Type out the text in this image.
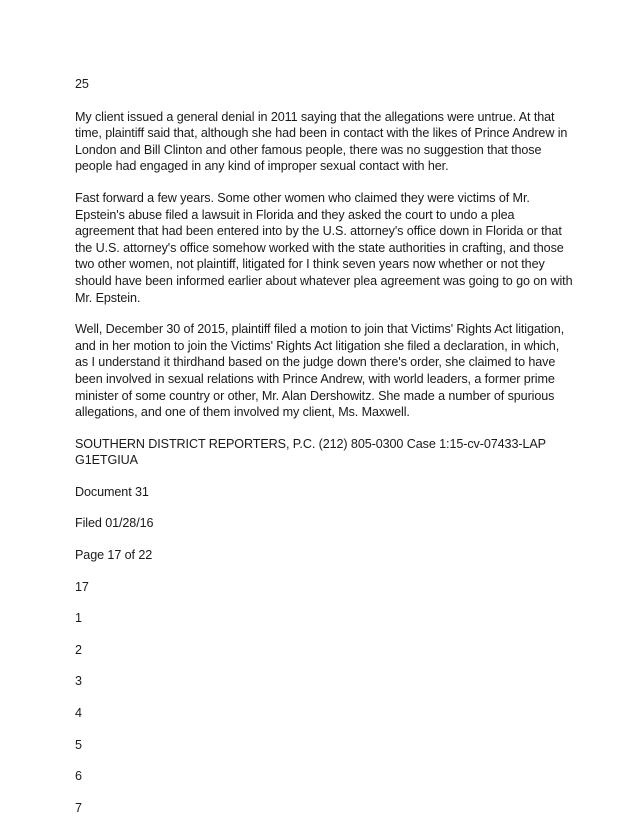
25

My client issued a general denial in 2011 saying that the allegations were untrue. At that time, plaintiff said that, although she had been in contact with the likes of Prince Andrew in London and Bill Clinton and other famous people, there was no suggestion that those people had engaged in any kind of improper sexual contact with her.

Fast forward a few years. Some other women who claimed they were victims of Mr. Epstein's abuse filed a lawsuit in Florida and they asked the court to undo a plea agreement that had been entered into by the U.S. attorney's office down in Florida or that the U.S. attorney's office somehow worked with the state authorities in crafting, and those two other women, not plaintiff, litigated for I think seven years now whether or not they should have been informed earlier about whatever plea agreement was going to go on with Mr. Epstein.

Well, December 30 of 2015, plaintiff filed a motion to join that Victims' Rights Act litigation, and in her motion to join the Victims' Rights Act litigation she filed a declaration, in which, as I understand it thirdhand based on the judge down there's order, she claimed to have been involved in sexual relations with Prince Andrew, with world leaders, a former prime minister of some country or other, Mr. Alan Dershowitz. She made a number of spurious allegations, and one of them involved my client, Ms. Maxwell.

SOUTHERN DISTRICT REPORTERS, P.C. (212) 805-0300 Case 1:15-cv-07433-LAP G1ETGIUA

Document 31

Filed 01/28/16

Page 17 of 22

17

1

2

3

4

5

6

7
